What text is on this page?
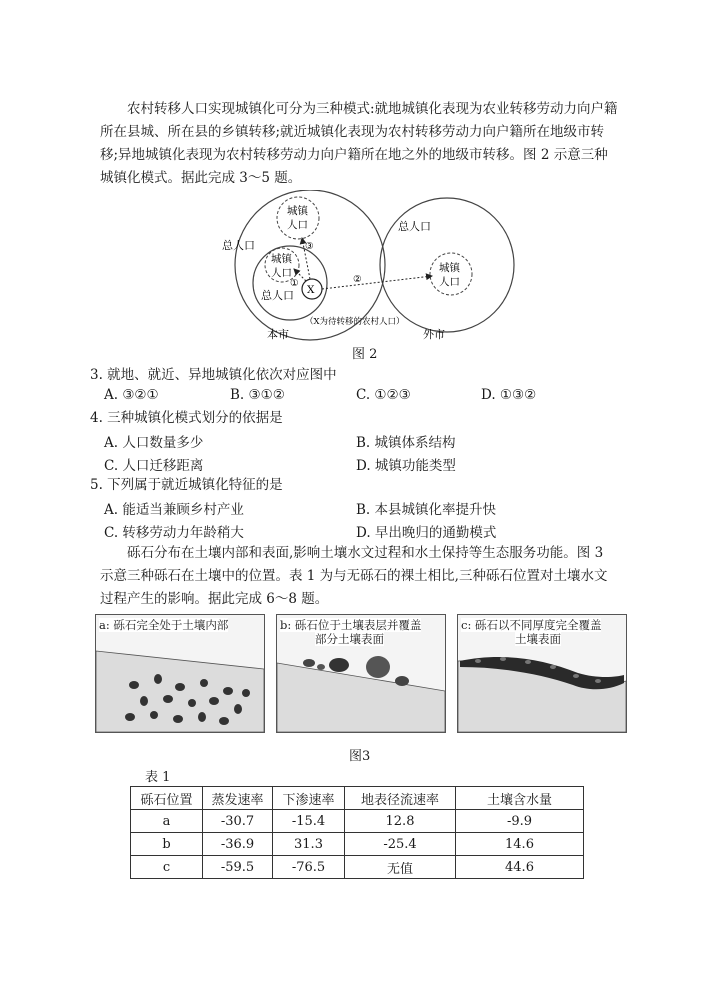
农村转移人口实现城镇化可分为三种模式:就地城镇化表现为农业转移劳动力向户籍所在县城、所在县的乡镇转移;就近城镇化表现为农村转移劳动力向户籍所在地级市转移;异地城镇化表现为农村转移劳动力向户籍所在地之外的地级市转移。图 2 示意三种城镇化模式。据此完成 3～5 题。
总人口
城镇
人口
城镇
人口
总人口 X
①
③
②
总人口
城镇
人口
（X为待转移的农村人口）
本市	外市
图 2
3. 就地、就近、异地城镇化依次对应图中
A. ③②①	B. ③①②	C. ①②③	D. ①③②
4. 三种城镇化模式划分的依据是
A. 人口数量多少	B. 城镇体系结构
C. 人口迁移距离	D. 城镇功能类型
5. 下列属于就近城镇化特征的是
A. 能适当兼顾乡村产业	B. 本县城镇化率提升快
C. 转移劳动力年龄稍大	D. 早出晚归的通勤模式
砾石分布在土壤内部和表面,影响土壤水文过程和水土保持等生态服务功能。图 3 示意三种砾石在土壤中的位置。表 1 为与无砾石的裸土相比,三种砾石位置对土壤水文过程产生的影响。据此完成 6～8 题。
a: 砾石完全处于土壤内部	b: 砾石位于土壤表层并覆盖
部分土壤表面
c: 砾石以不同厚度完全覆盖
土壤表面
图3
表 1
砾石位置	蒸发速率	下渗速率	地表径流速率	土壤含水量
a	-30.7	-15.4	12.8	-9.9
b	-36.9	31.3	-25.4	14.6
c	-59.5	-76.5	无值	44.6
